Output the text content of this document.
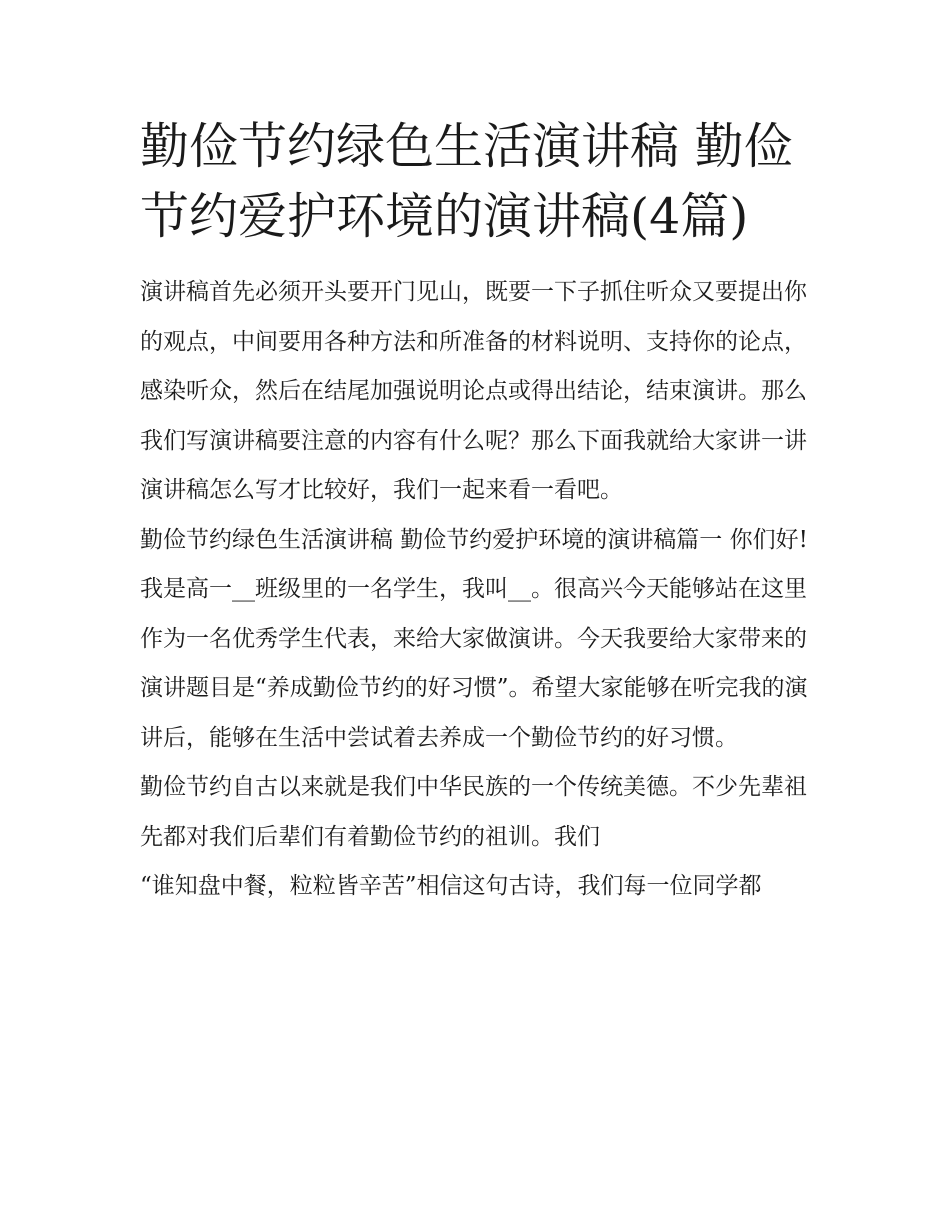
勤俭节约绿色生活演讲稿 勤俭节约爱护环境的演讲稿(4篇)

演讲稿首先必须开头要开门见山，既要一下子抓住听众又要提出你的观点，中间要用各种方法和所准备的材料说明、支持你的论点，感染听众，然后在结尾加强说明论点或得出结论，结束演讲。那么我们写演讲稿要注意的内容有什么呢？那么下面我就给大家讲一讲演讲稿怎么写才比较好，我们一起来看一看吧。

勤俭节约绿色生活演讲稿 勤俭节约爱护环境的演讲稿篇一 你们好!

我是高一__班级里的一名学生，我叫__。很高兴今天能够站在这里作为一名优秀学生代表，来给大家做演讲。今天我要给大家带来的演讲题目是“养成勤俭节约的好习惯”。希望大家能够在听完我的演讲后，能够在生活中尝试着去养成一个勤俭节约的好习惯。

勤俭节约自古以来就是我们中华民族的一个传统美德。不少先辈祖先都对我们后辈们有着勤俭节约的祖训。我们

“谁知盘中餐，粒粒皆辛苦”相信这句古诗，我们每一位同学都
